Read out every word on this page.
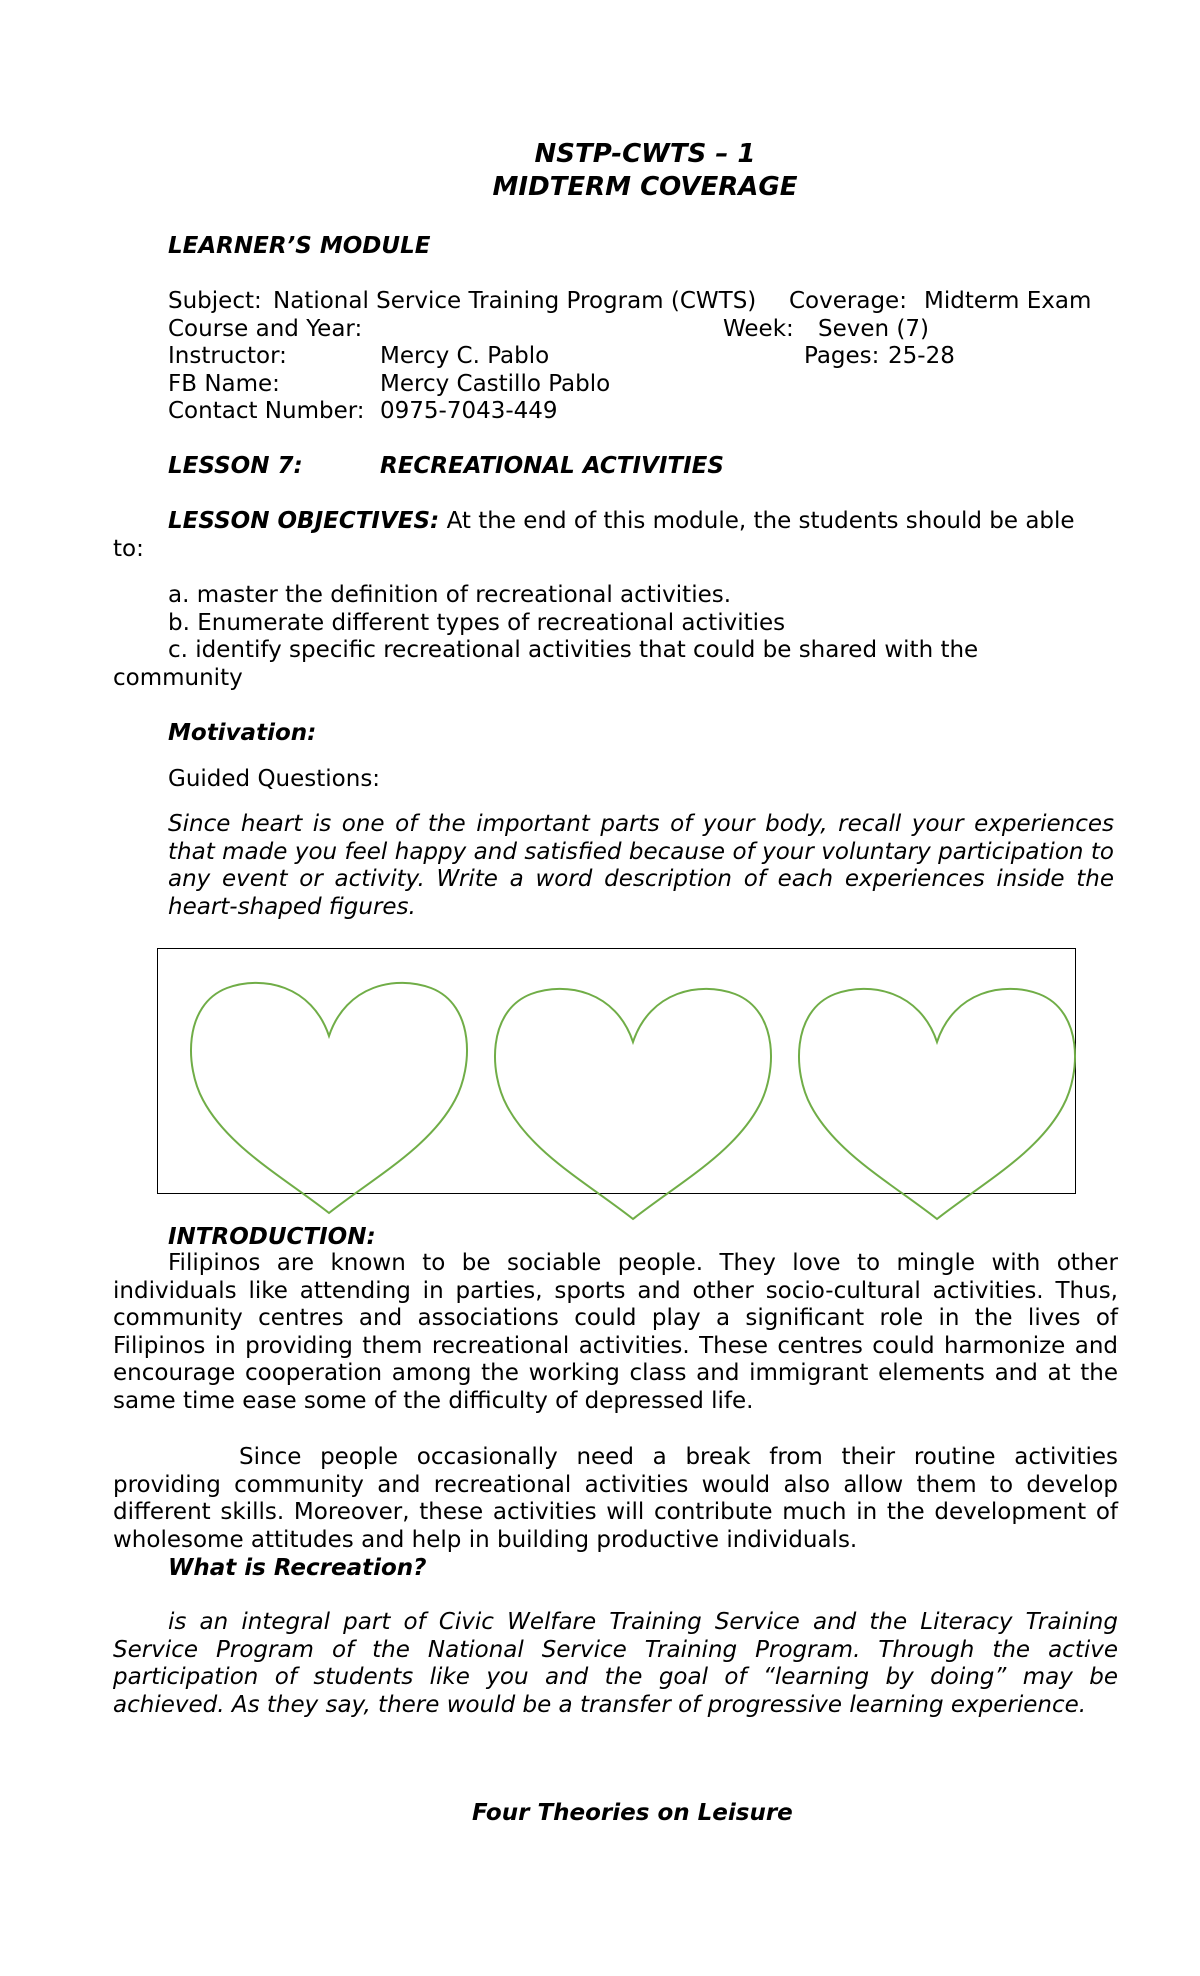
NSTP-CWTS – 1
MIDTERM COVERAGE
LEARNER’S MODULE
Subject: National Service Training Program (CWTS) Coverage: Midterm Exam
Course and Year:	Week: Seven (7)
Instructor:	Mercy C. Pablo	Pages: 25-28
FB Name:	Mercy Castillo Pablo
Contact Number: 0975-7043-449
LESSON 7:	RECREATIONAL ACTIVITIES
LESSON OBJECTIVES: At the end of this module, the students should be able
to:
a. master the definition of recreational activities.
b. Enumerate different types of recreational activities
c. identify specific recreational activities that could be shared with the
community
Motivation:
Guided Questions:
Since heart is one of the important parts of your body, recall your experiences that made you feel happy and satisfied because of your voluntary participation to any event or activity. Write a word description of each experiences inside the heart-shaped figures.
INTRODUCTION:
Filipinos are known to be sociable people. They love to mingle with other individuals like attending in parties, sports and other socio-cultural activities. Thus, community centres and associations could play a significant role in the lives of Filipinos in providing them recreational activities. These centres could harmonize and encourage cooperation among the working class and immigrant elements and at the same time ease some of the difficulty of depressed life.
Since people occasionally need a break from their routine activities providing community and recreational activities would also allow them to develop different skills. Moreover, these activities will contribute much in the development of wholesome attitudes and help in building productive individuals.
What is Recreation?
is an integral part of Civic Welfare Training Service and the Literacy Training Service Program of the National Service Training Program. Through the active participation of students like you and the goal of “learning by doing” may be achieved. As they say, there would be a transfer of progressive learning experience.
Four Theories on Leisure
